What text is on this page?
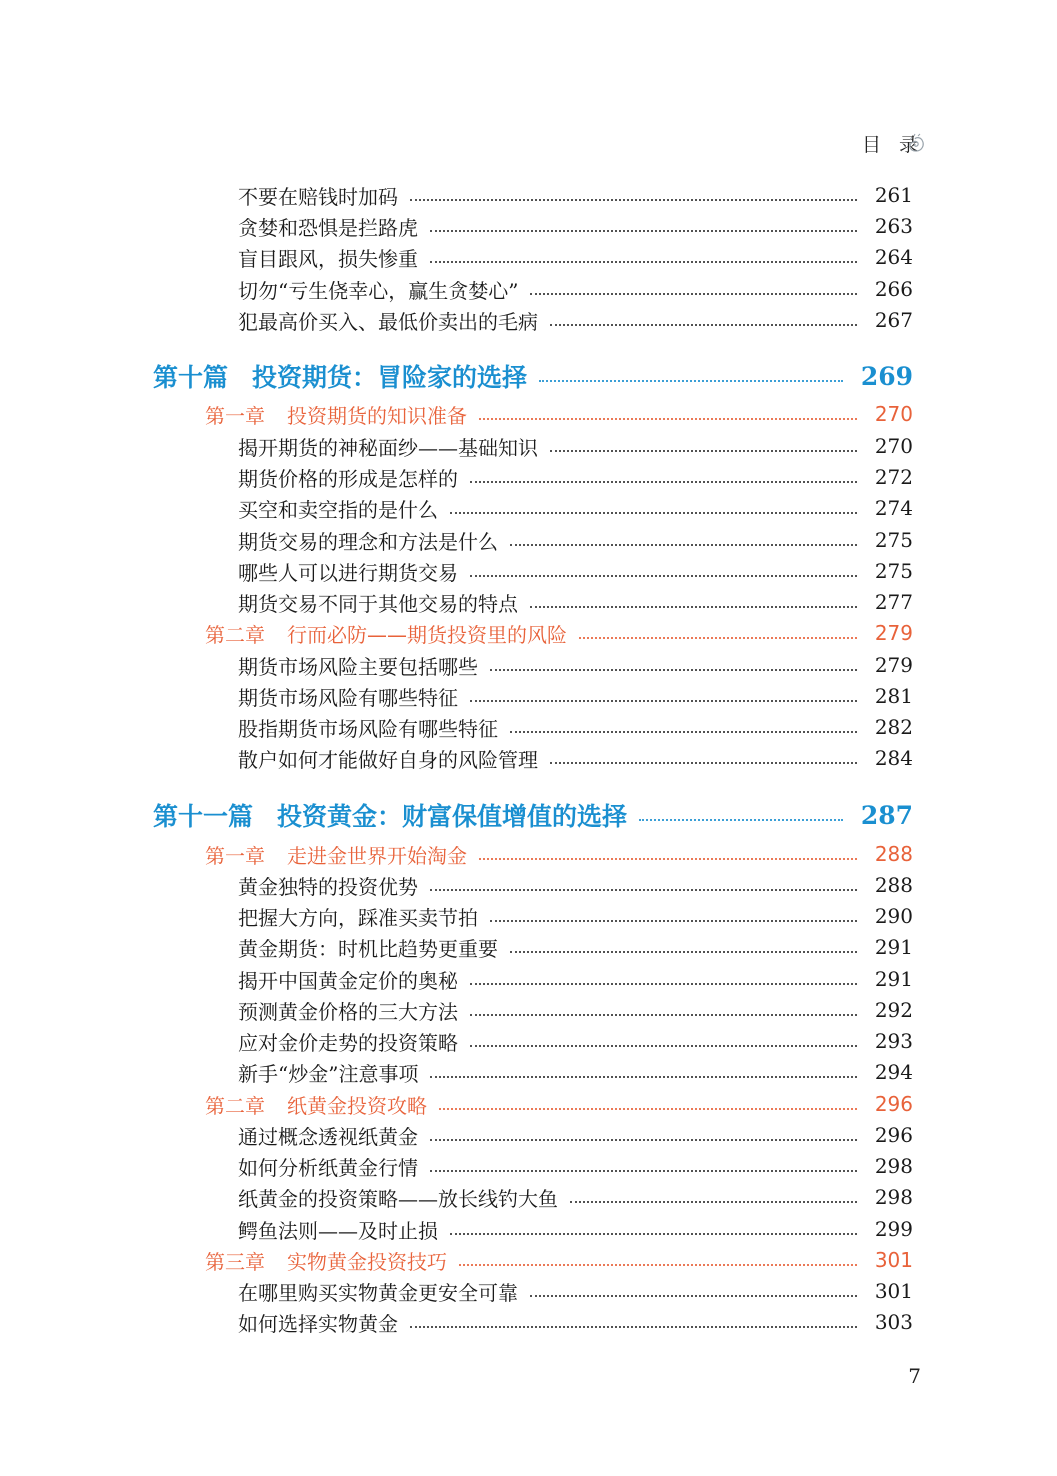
目 录
不要在赔钱时加码	261
贪婪和恐惧是拦路虎	263
盲目跟风，损失惨重	264
切勿“亏生侥幸心，赢生贪婪心”	266
犯最高价买入、最低价卖出的毛病	267
第十篇 投资期货：冒险家的选择	269
第一章 投资期货的知识准备	270
揭开期货的神秘面纱——基础知识	270
期货价格的形成是怎样的	272
买空和卖空指的是什么	274
期货交易的理念和方法是什么	275
哪些人可以进行期货交易	275
期货交易不同于其他交易的特点	277
第二章 行而必防——期货投资里的风险	279
期货市场风险主要包括哪些	279
期货市场风险有哪些特征	281
股指期货市场风险有哪些特征	282
散户如何才能做好自身的风险管理	284
第十一篇 投资黄金：财富保值增值的选择	287
第一章 走进金世界开始淘金	288
黄金独特的投资优势	288
把握大方向，踩准买卖节拍	290
黄金期货：时机比趋势更重要	291
揭开中国黄金定价的奥秘	291
预测黄金价格的三大方法	292
应对金价走势的投资策略	293
新手“炒金”注意事项	294
第二章 纸黄金投资攻略	296
通过概念透视纸黄金	296
如何分析纸黄金行情	298
纸黄金的投资策略——放长线钓大鱼	298
鳄鱼法则——及时止损	299
第三章 实物黄金投资技巧	301
在哪里购买实物黄金更安全可靠	301
如何选择实物黄金	303
7
